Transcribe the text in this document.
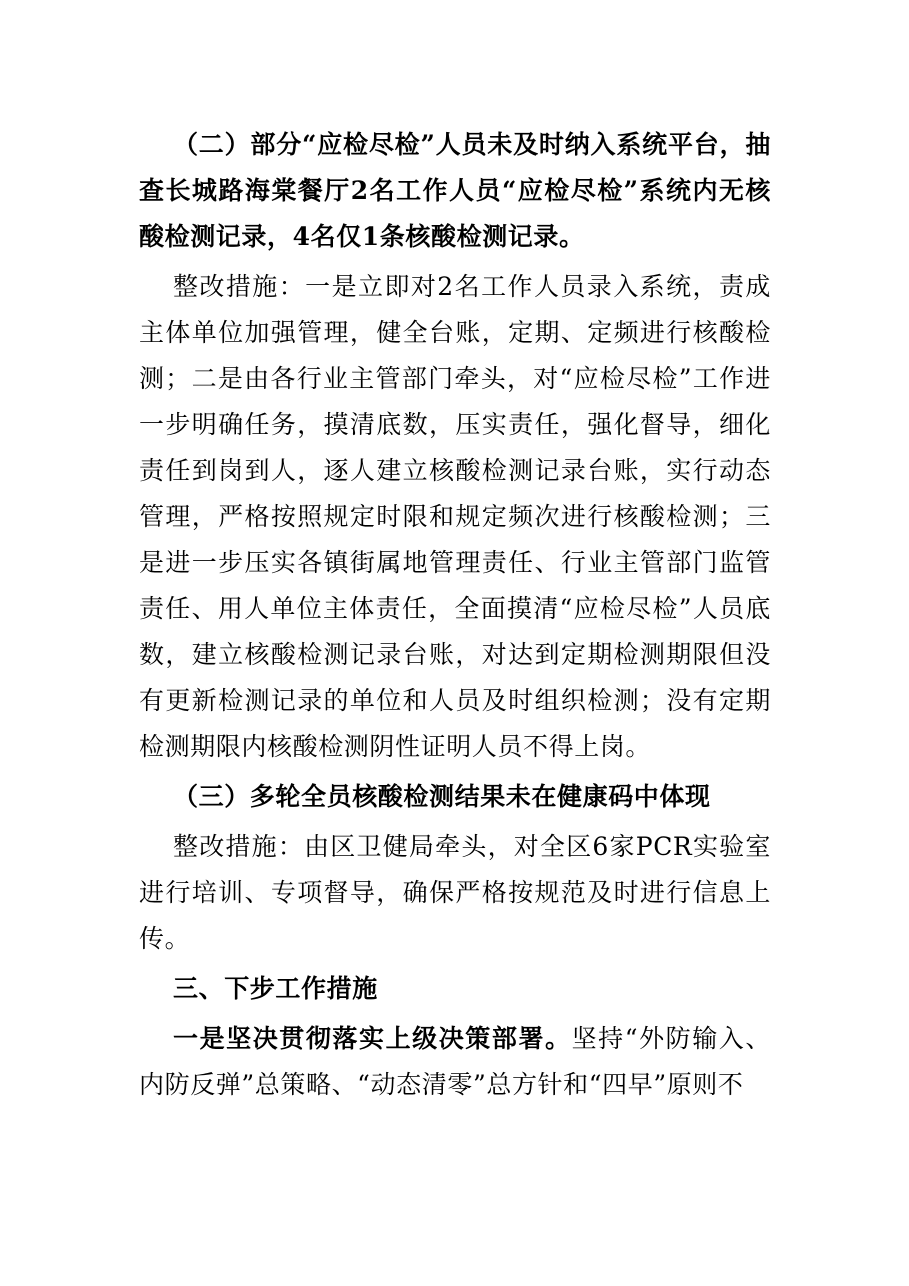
（二）部分“应检尽检”人员未及时纳入系统平台，抽查长城路海棠餐厅2名工作人员“应检尽检”系统内无核酸检测记录，4名仅1条核酸检测记录。

整改措施：一是立即对2名工作人员录入系统，责成主体单位加强管理，健全台账，定期、定频进行核酸检测；二是由各行业主管部门牵头，对“应检尽检”工作进一步明确任务，摸清底数，压实责任，强化督导，细化责任到岗到人，逐人建立核酸检测记录台账，实行动态管理，严格按照规定时限和规定频次进行核酸检测；三是进一步压实各镇街属地管理责任、行业主管部门监管责任、用人单位主体责任，全面摸清“应检尽检”人员底数，建立核酸检测记录台账，对达到定期检测期限但没有更新检测记录的单位和人员及时组织检测；没有定期检测期限内核酸检测阴性证明人员不得上岗。

（三）多轮全员核酸检测结果未在健康码中体现

整改措施：由区卫健局牵头，对全区6家PCR实验室进行培训、专项督导，确保严格按规范及时进行信息上传。

三、下步工作措施

一是坚决贯彻落实上级决策部署。坚持“外防输入、内防反弹”总策略、“动态清零”总方针和“四早”原则不
